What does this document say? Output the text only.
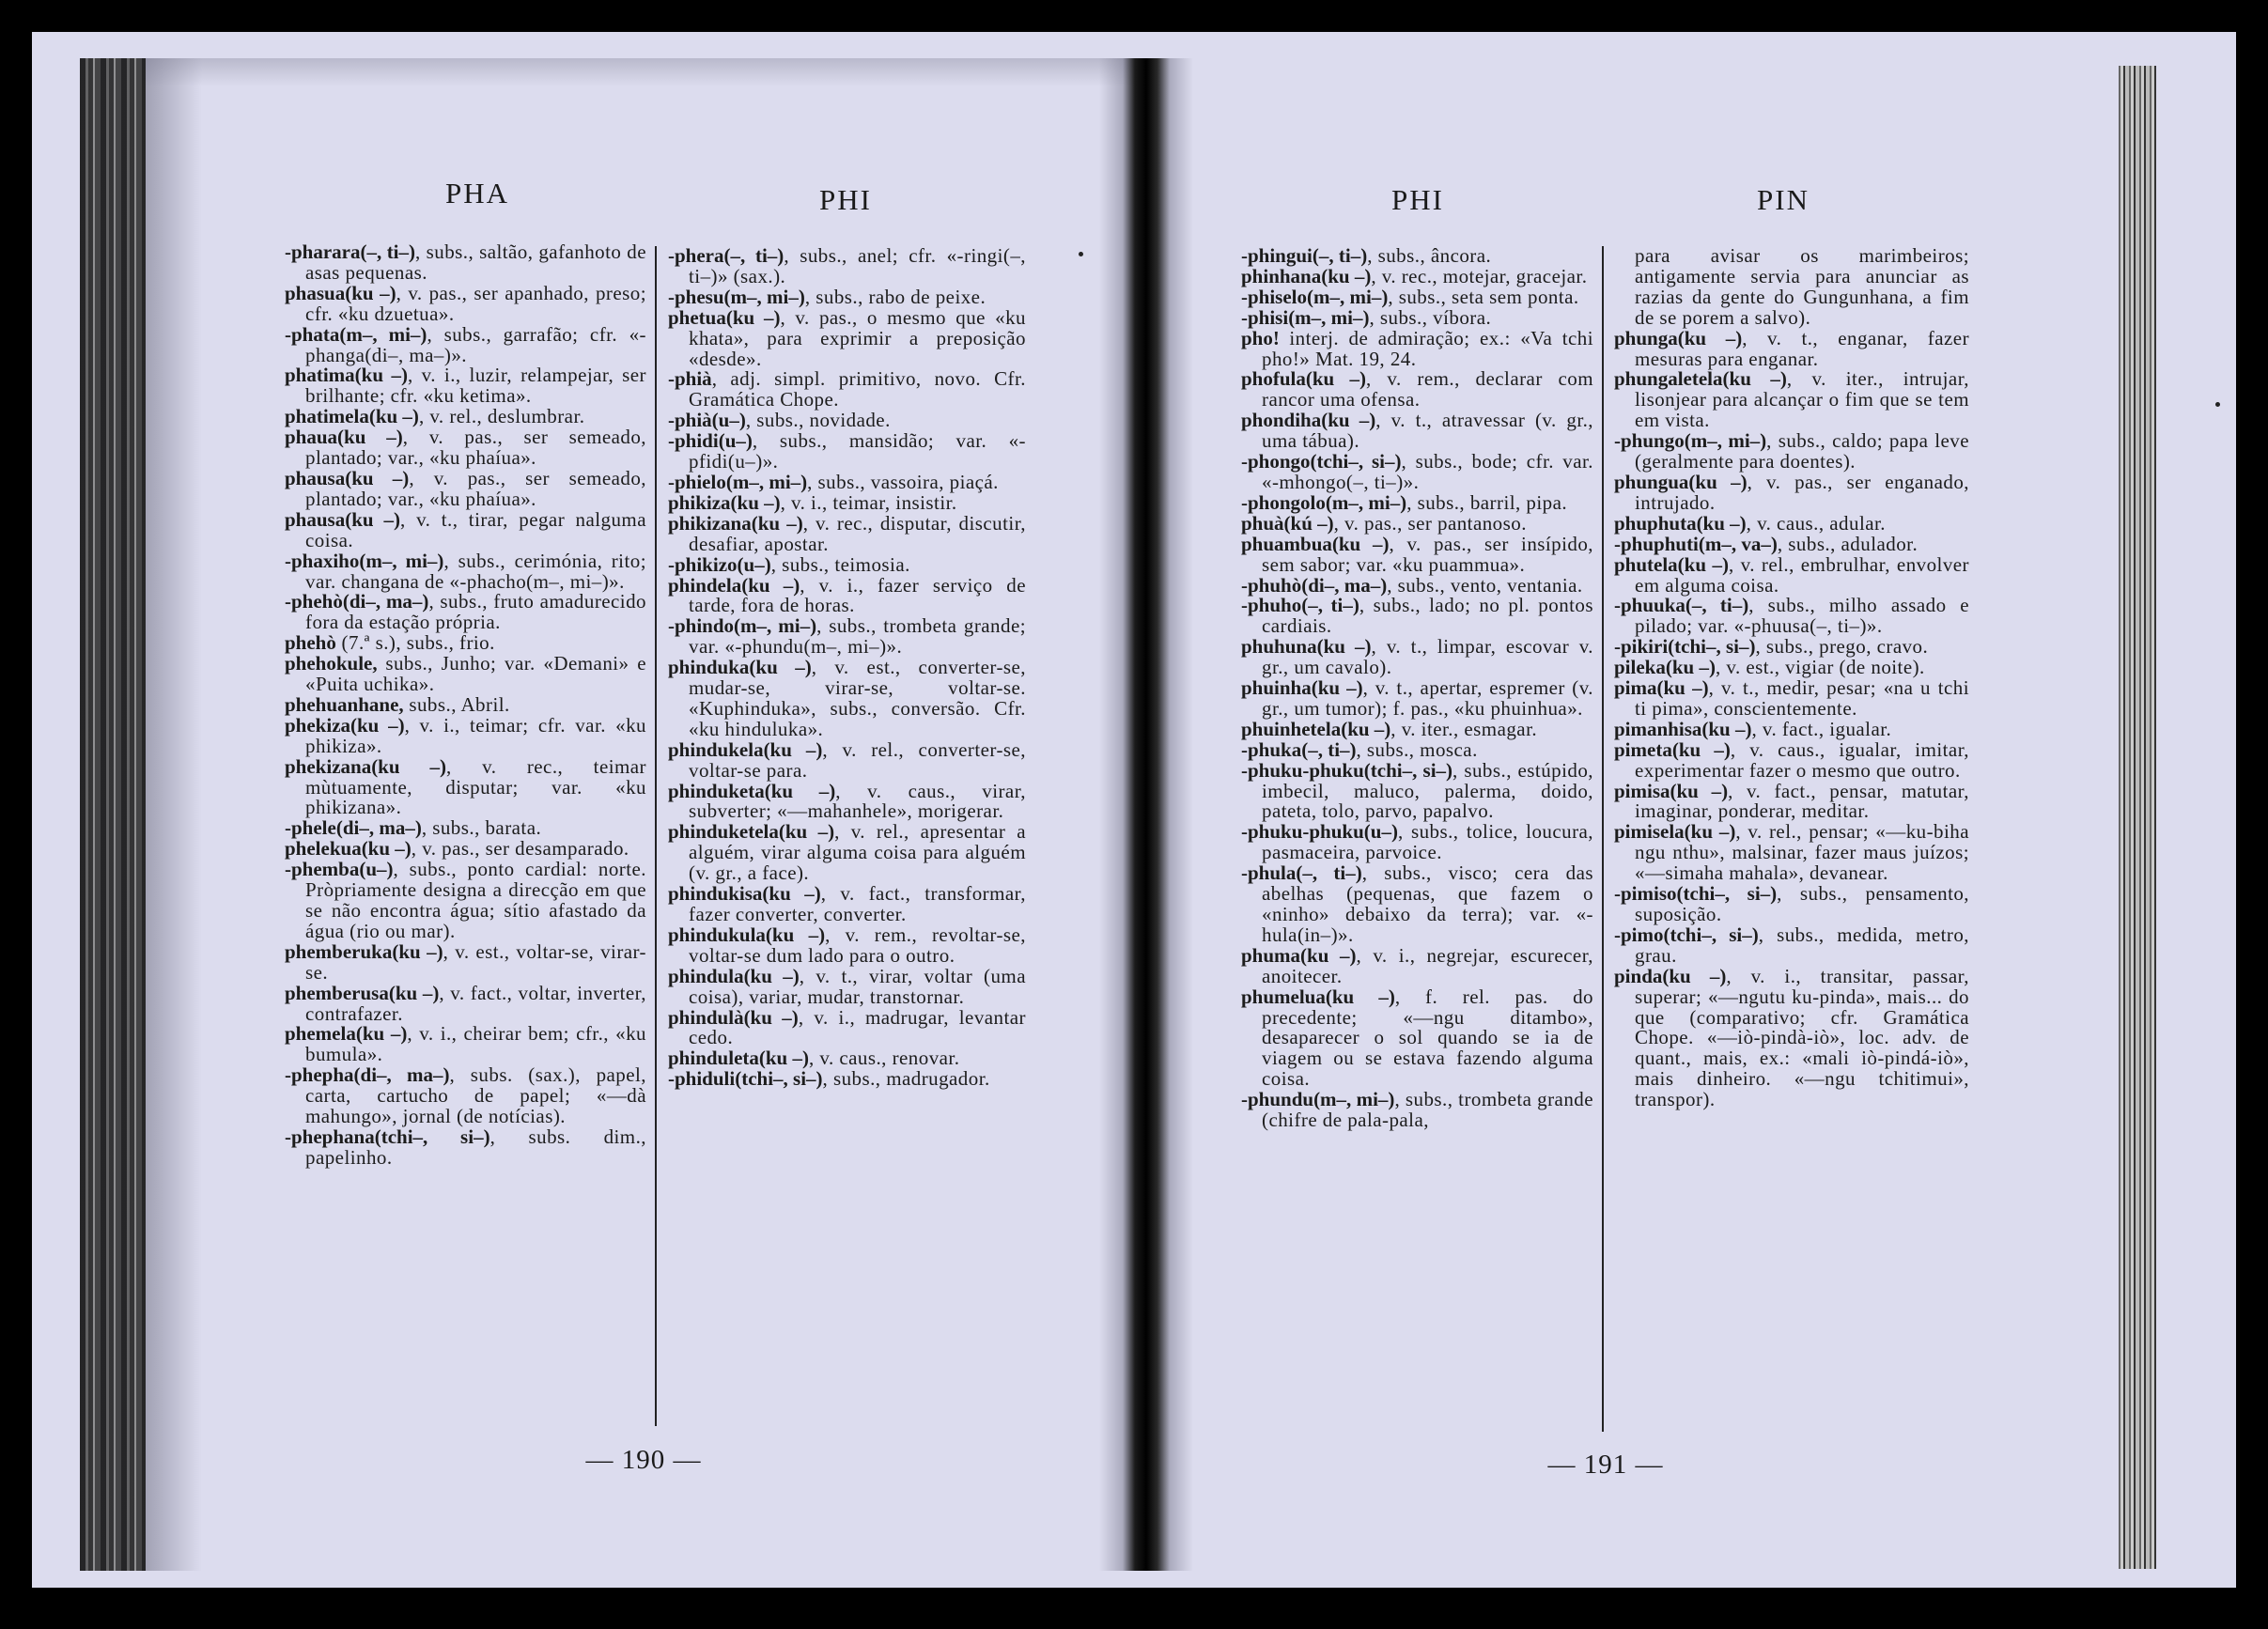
PHA	PHI	PHI	PIN
-pharara(–, ti–), subs., saltão, gafanhoto de asas pequenas.
phasua(ku –), v. pas., ser apanhado, preso; cfr. «ku dzuetua».
-phata(m–, mi–), subs., garrafão; cfr. «-phanga(di–, ma–)».
phatima(ku –), v. i., luzir, relampejar, ser brilhante; cfr. «ku ketima».
phatimela(ku –), v. rel., deslumbrar.
phaua(ku –), v. pas., ser semeado, plantado; var., «ku phaíua».
phausa(ku –), v. pas., ser semeado, plantado; var., «ku phaíua».
phausa(ku –), v. t., tirar, pegar nalguma coisa.
-phaxiho(m–, mi–), subs., cerimónia, rito; var. changana de «-phacho(m–, mi–)».
-phehò(di–, ma–), subs., fruto amadurecido fora da estação própria.
phehò (7.ª s.), subs., frio.
phehokule, subs., Junho; var. «Demani» e «Puita uchika».
phehuanhane, subs., Abril.
phekiza(ku –), v. i., teimar; cfr. var. «ku phikiza».
phekizana(ku –), v. rec., teimar mùtuamente, disputar; var. «ku phikizana».
-phele(di–, ma–), subs., barata.
phelekua(ku –), v. pas., ser desamparado.
-phemba(u–), subs., ponto cardial: norte. Pròpriamente designa a direcção em que se não encontra água; sítio afastado da água (rio ou mar).
phemberuka(ku –), v. est., voltar-se, virar-se.
phemberusa(ku –), v. fact., voltar, inverter, contrafazer.
phemela(ku –), v. i., cheirar bem; cfr., «ku bumula».
-phepha(di–, ma–), subs. (sax.), papel, carta, cartucho de papel; «—dà mahungo», jornal (de notícias).
-phephana(tchi–, si–), subs. dim., papelinho.
-phera(–, ti–), subs., anel; cfr. «-ringi(–, ti–)» (sax.).
-phesu(m–, mi–), subs., rabo de peixe.
phetua(ku –), v. pas., o mesmo que «ku khata», para exprimir a preposição «desde».
-phià, adj. simpl. primitivo, novo. Cfr. Gramática Chope.
-phià(u–), subs., novidade.
-phidi(u–), subs., mansidão; var. «-pfidi(u–)».
-phielo(m–, mi–), subs., vassoira, piaçá.
phikiza(ku –), v. i., teimar, insistir.
phikizana(ku –), v. rec., disputar, discutir, desafiar, apostar.
-phikizo(u–), subs., teimosia.
phindela(ku –), v. i., fazer serviço de tarde, fora de horas.
-phindo(m–, mi–), subs., trombeta grande; var. «-phundu(m–, mi–)».
phinduka(ku –), v. est., converter-se, mudar-se, virar-se, voltar-se. «Kuphinduka», subs., conversão. Cfr. «ku hinduluka».
phindukela(ku –), v. rel., converter-se, voltar-se para.
phinduketa(ku –), v. caus., virar, subverter; «—mahanhele», morigerar.
phinduketela(ku –), v. rel., apresentar a alguém, virar alguma coisa para alguém (v. gr., a face).
phindukisa(ku –), v. fact., transformar, fazer converter, converter.
phindukula(ku –), v. rem., revoltar-se, voltar-se dum lado para o outro.
phindula(ku –), v. t., virar, voltar (uma coisa), variar, mudar, transtornar.
phindulà(ku –), v. i., madrugar, levantar cedo.
phinduleta(ku –), v. caus., renovar.
-phiduli(tchi–, si–), subs., madrugador.
-phingui(–, ti–), subs., âncora.
phinhana(ku –), v. rec., motejar, gracejar.
-phiselo(m–, mi–), subs., seta sem ponta.
-phisi(m–, mi–), subs., víbora.
pho! interj. de admiração; ex.: «Va tchi pho!» Mat. 19, 24.
phofula(ku –), v. rem., declarar com rancor uma ofensa.
phondiha(ku –), v. t., atravessar (v. gr., uma tábua).
-phongo(tchi–, si–), subs., bode; cfr. var. «-mhongo(–, ti–)».
-phongolo(m–, mi–), subs., barril, pipa.
phuà(kú –), v. pas., ser pantanoso.
phuambua(ku –), v. pas., ser insípido, sem sabor; var. «ku puammua».
-phuhò(di–, ma–), subs., vento, ventania.
-phuho(–, ti–), subs., lado; no pl. pontos cardiais.
phuhuna(ku –), v. t., limpar, escovar v. gr., um cavalo).
phuinha(ku –), v. t., apertar, espremer (v. gr., um tumor); f. pas., «ku phuinhua».
phuinhetela(ku –), v. iter., esmagar.
-phuka(–, ti–), subs., mosca.
-phuku-phuku(tchi–, si–), subs., estúpido, imbecil, maluco, palerma, doido, pateta, tolo, parvo, papalvo.
-phuku-phuku(u–), subs., tolice, loucura, pasmaceira, parvoice.
-phula(–, ti–), subs., visco; cera das abelhas (pequenas, que fazem o «ninho» debaixo da terra); var. «-hula(in–)».
phuma(ku –), v. i., negrejar, escurecer, anoitecer.
phumelua(ku –), f. rel. pas. do precedente; «—ngu ditambo», desaparecer o sol quando se ia de viagem ou se estava fazendo alguma coisa.
-phundu(m–, mi–), subs., trombeta grande (chifre de pala-pala,
para avisar os marimbeiros; antigamente servia para anunciar as razias da gente do Gungunhana, a fim de se porem a salvo).
phunga(ku –), v. t., enganar, fazer mesuras para enganar.
phungaletela(ku –), v. iter., intrujar, lisonjear para alcançar o fim que se tem em vista.
-phungo(m–, mi–), subs., caldo; papa leve (geralmente para doentes).
phungua(ku –), v. pas., ser enganado, intrujado.
phuphuta(ku –), v. caus., adular.
-phuphuti(m–, va–), subs., adulador.
phutela(ku –), v. rel., embrulhar, envolver em alguma coisa.
-phuuka(–, ti–), subs., milho assado e pilado; var. «-phuusa(–, ti–)».
-pikiri(tchi–, si–), subs., prego, cravo.
pileka(ku –), v. est., vigiar (de noite).
pima(ku –), v. t., medir, pesar; «na u tchi ti pima», conscientemente.
pimanhisa(ku –), v. fact., igualar.
pimeta(ku –), v. caus., igualar, imitar, experimentar fazer o mesmo que outro.
pimisa(ku –), v. fact., pensar, matutar, imaginar, ponderar, meditar.
pimisela(ku –), v. rel., pensar; «—ku-biha ngu nthu», malsinar, fazer maus juízos; «—simaha mahala», devanear.
-pimiso(tchi–, si–), subs., pensamento, suposição.
-pimo(tchi–, si–), subs., medida, metro, grau.
pinda(ku –), v. i., transitar, passar, superar; «—ngutu ku-pinda», mais... do que (comparativo; cfr. Gramática Chope. «—iò-pindà-iò», loc. adv. de quant., mais, ex.: «mali iò-pindá-iò», mais dinheiro. «—ngu tchitimui», transpor).
— 190 —	— 191 —
